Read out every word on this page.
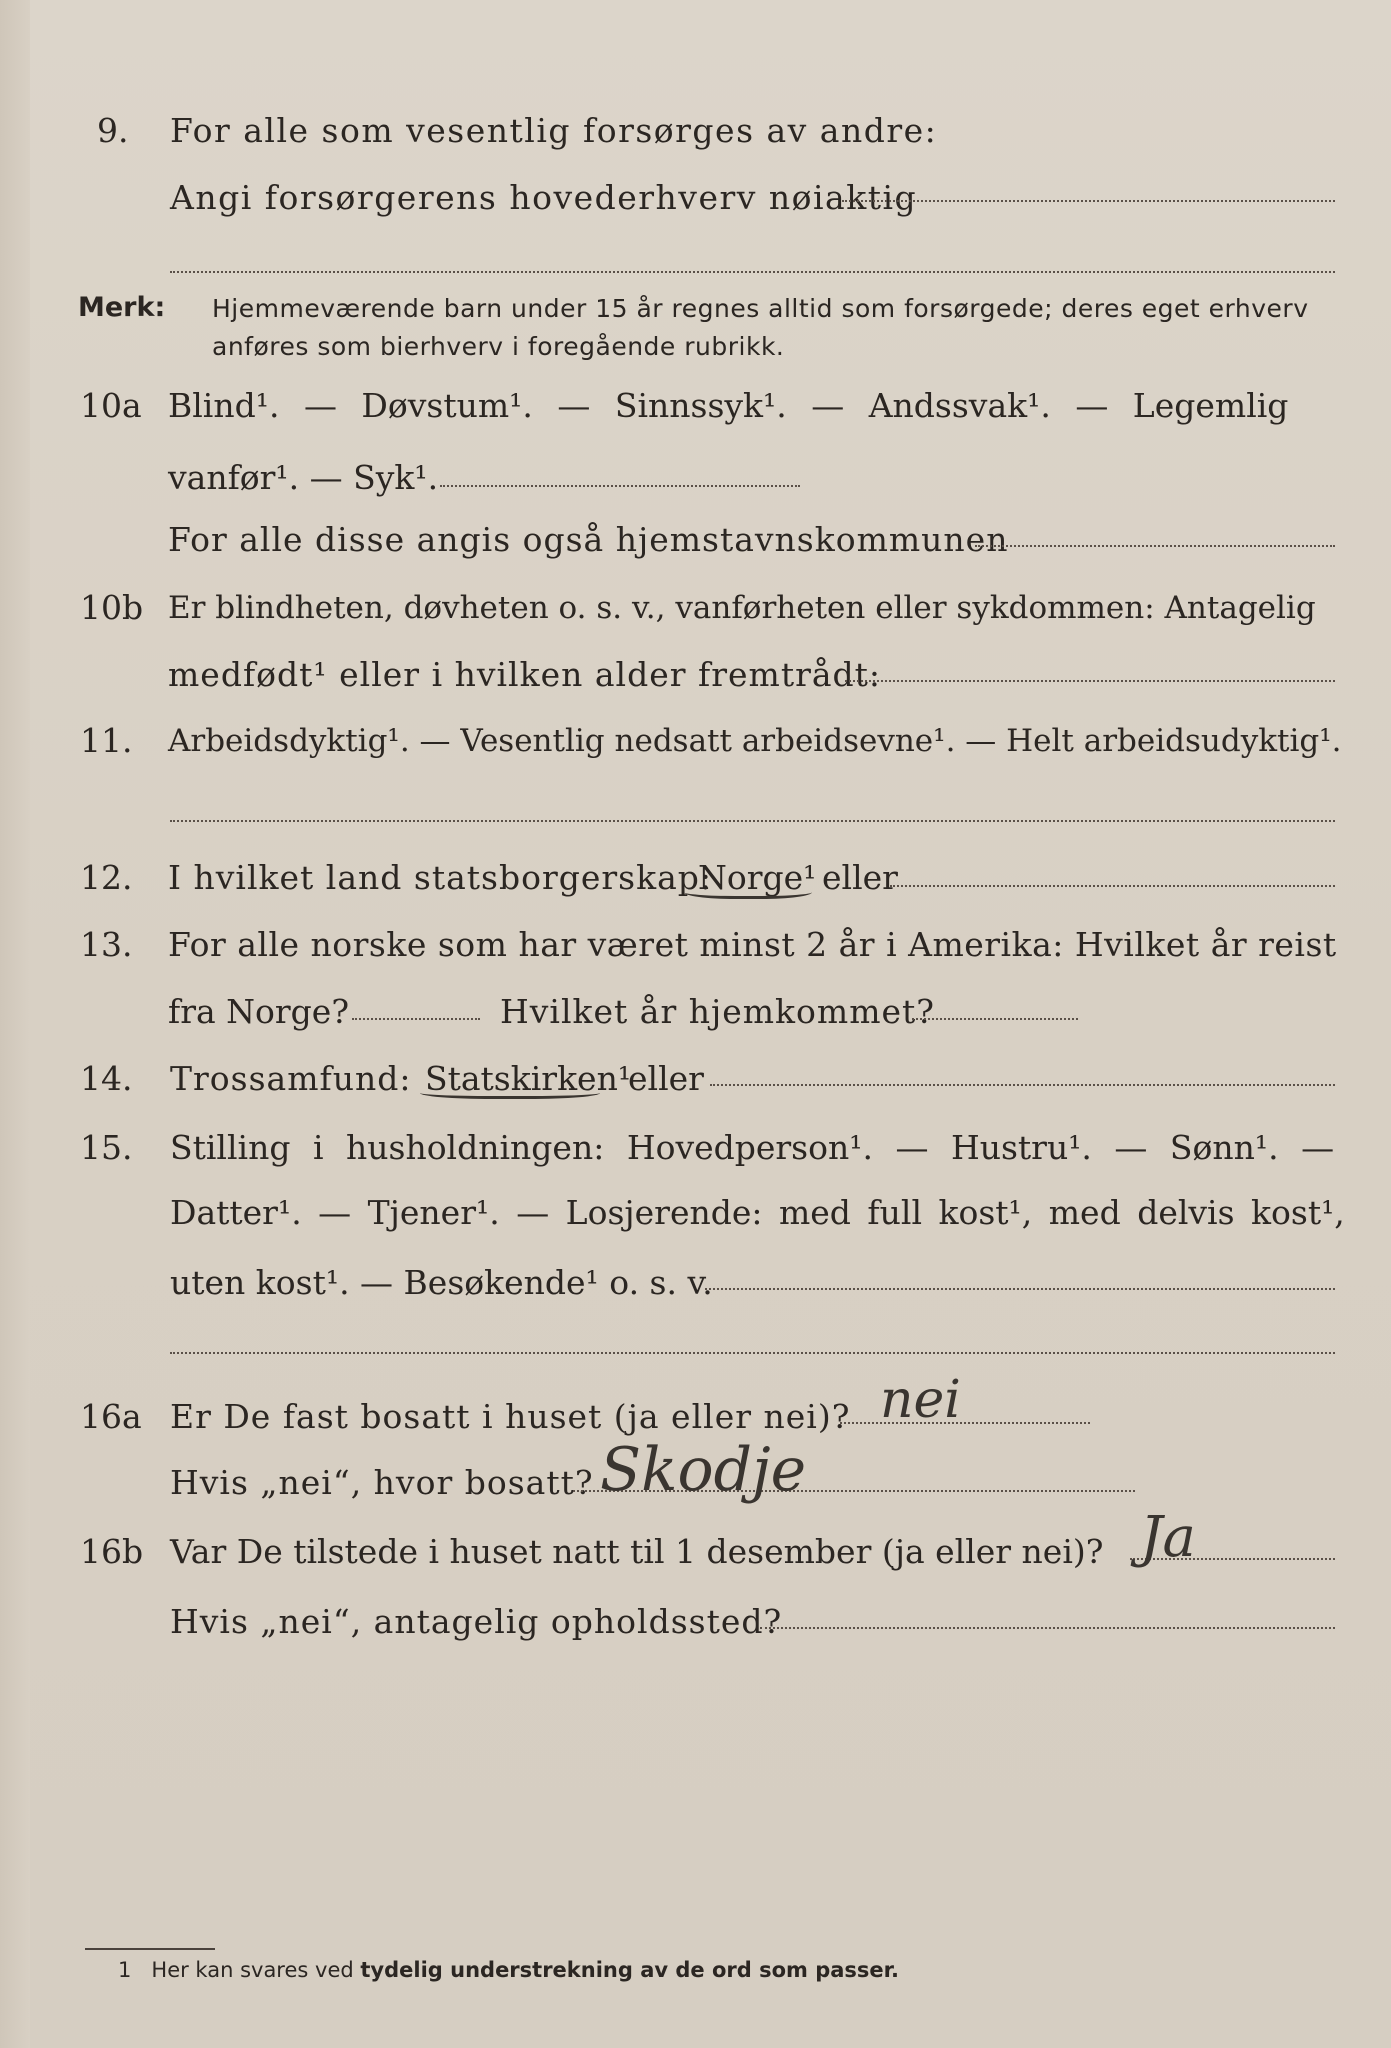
9. For alle som vesentlig forsørges av andre:
Angi forsørgerens hovederhverv nøiaktig
Merk: Hjemmeværende barn under 15 år regnes alltid som forsørgede; deres eget erhverv
anføres som bierhverv i foregående rubrikk.
10a Blind¹. — Døvstum¹. — Sinnssyk¹. — Andssvak¹. — Legemlig
vanfør¹. — Syk¹.
For alle disse angis også hjemstavnskommunen
10b Er blindheten, døvheten o. s. v., vanførheten eller sykdommen: Antagelig
medfødt¹ eller i hvilken alder fremtrådt:
11. Arbeidsdyktig¹. — Vesentlig nedsatt arbeidsevne¹. — Helt arbeidsudyktig¹.
12. I hvilket land statsborgerskap:
Norge¹ eller
13. For alle norske som har været minst 2 år i Amerika: Hvilket år reist
fra Norge?	Hvilket år hjemkommet?
14. Trossamfund: Statskirken¹
eller
15. Stilling i husholdningen: Hovedperson¹. — Hustru¹. — Sønn¹. —
Datter¹. — Tjener¹. — Losjerende: med full kost¹, med delvis kost¹,
uten kost¹. — Besøkende¹ o. s. v.
16a Er De fast bosatt i huset (ja eller nei)? nei
Hvis „nei“, hvor bosatt? Skodje
16b Var De tilstede i huset natt til 1 desember (ja eller nei)? Ja
Hvis „nei“, antagelig opholdssted?
1 Her kan svares ved tydelig understrekning av de ord som passer.
